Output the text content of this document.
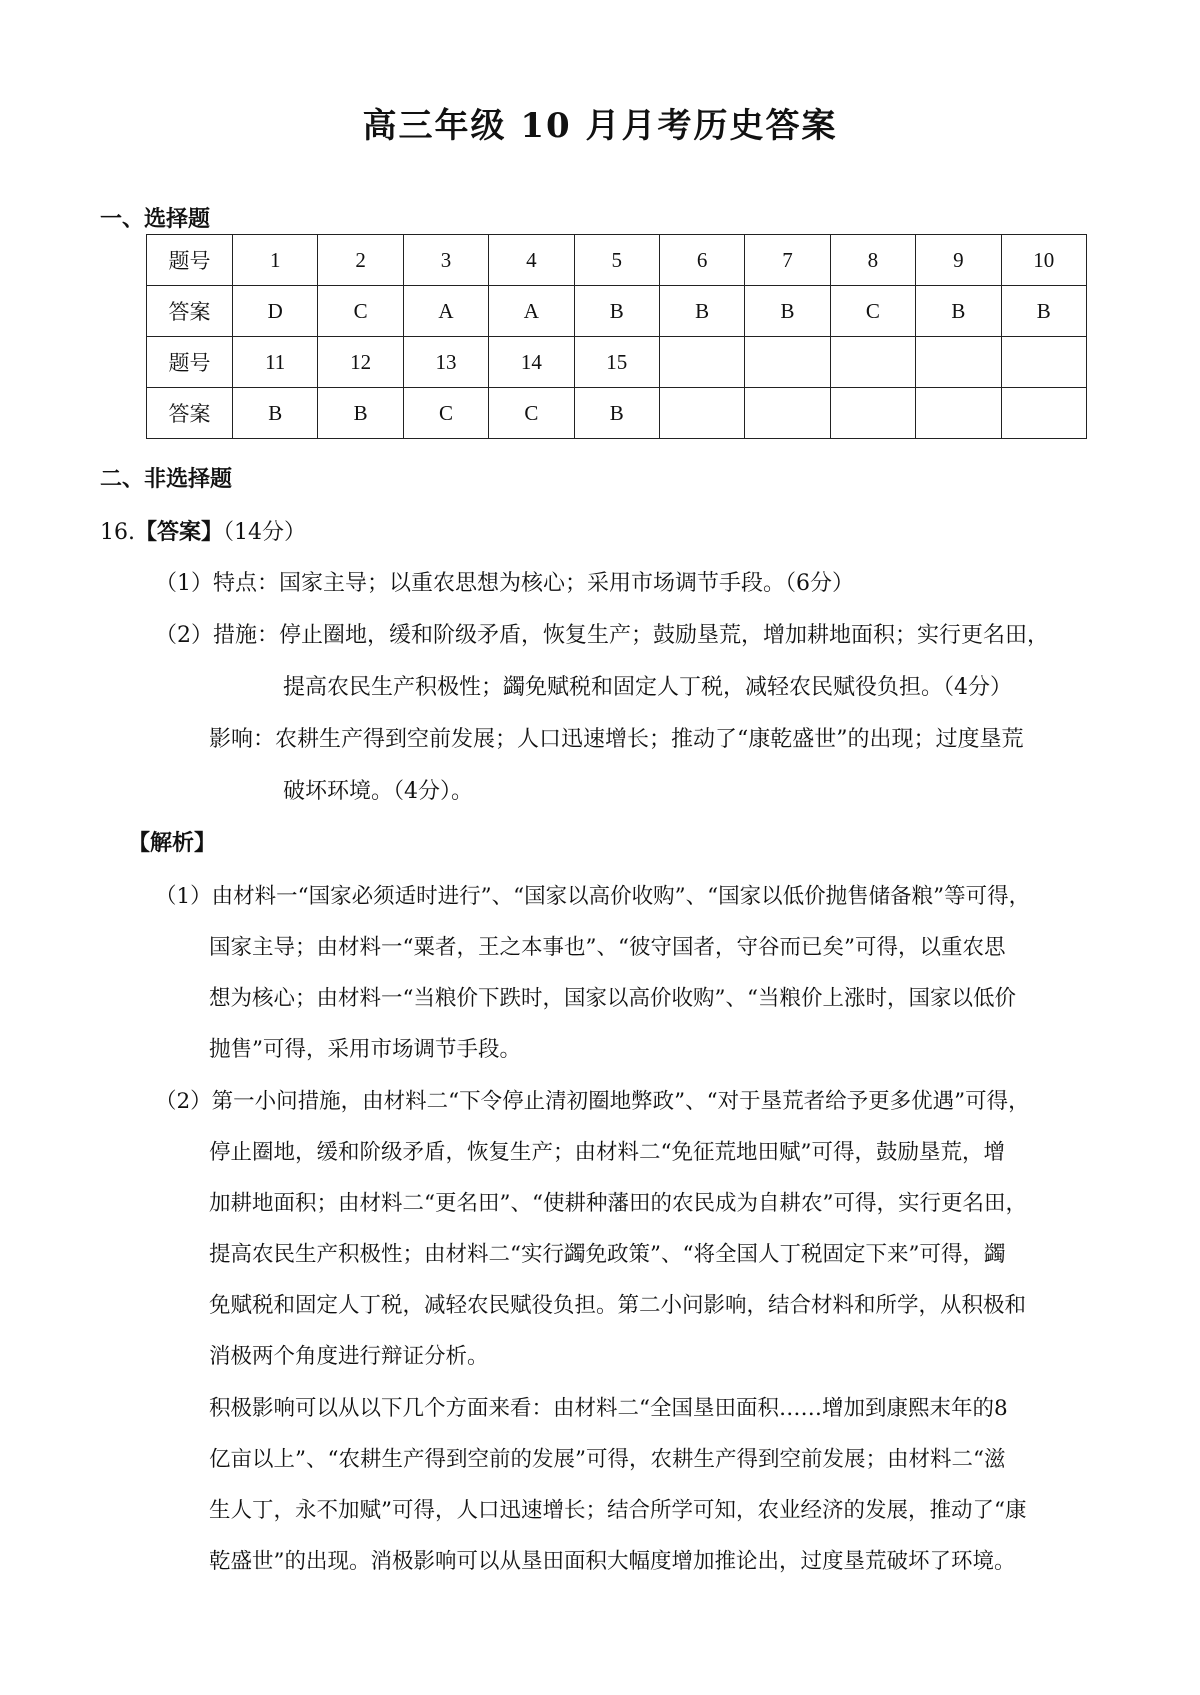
高三年级 10 月月考历史答案
一、选择题
题号	1	2	3	4	5	6	7	8	9	10
答案	D	C	A	A	B	B	B	C	B	B
题号	11	12	13	14	15					
答案	B	B	C	C	B					
二、非选择题
16.【答案】（14分）
（1）特点：国家主导；以重农思想为核心；采用市场调节手段。（6分）
（2）措施：停止圈地，缓和阶级矛盾，恢复生产；鼓励垦荒，增加耕地面积；实行更名田，
提高农民生产积极性；蠲免赋税和固定人丁税，减轻农民赋役负担。（4分）
影响：农耕生产得到空前发展；人口迅速增长；推动了“康乾盛世”的出现；过度垦荒
破坏环境。（4分）。
【解析】
（1）由材料一“国家必须适时进行”、“国家以高价收购”、“国家以低价抛售储备粮”等可得，
国家主导；由材料一“粟者，王之本事也”、“彼守国者，守谷而已矣”可得，以重农思
想为核心；由材料一“当粮价下跌时，国家以高价收购”、“当粮价上涨时，国家以低价
抛售”可得，采用市场调节手段。
（2）第一小问措施，由材料二“下令停止清初圈地弊政”、“对于垦荒者给予更多优遇”可得，
停止圈地，缓和阶级矛盾，恢复生产；由材料二“免征荒地田赋”可得，鼓励垦荒，增
加耕地面积；由材料二“更名田”、“使耕种藩田的农民成为自耕农”可得，实行更名田，
提高农民生产积极性；由材料二“实行蠲免政策”、“将全国人丁税固定下来”可得，蠲
免赋税和固定人丁税，减轻农民赋役负担。第二小问影响，结合材料和所学，从积极和
消极两个角度进行辩证分析。
积极影响可以从以下几个方面来看：由材料二“全国垦田面积……增加到康熙末年的8
亿亩以上”、“农耕生产得到空前的发展”可得，农耕生产得到空前发展；由材料二“滋
生人丁，永不加赋”可得，人口迅速增长；结合所学可知，农业经济的发展，推动了“康
乾盛世”的出现。消极影响可以从垦田面积大幅度增加推论出，过度垦荒破坏了环境。
